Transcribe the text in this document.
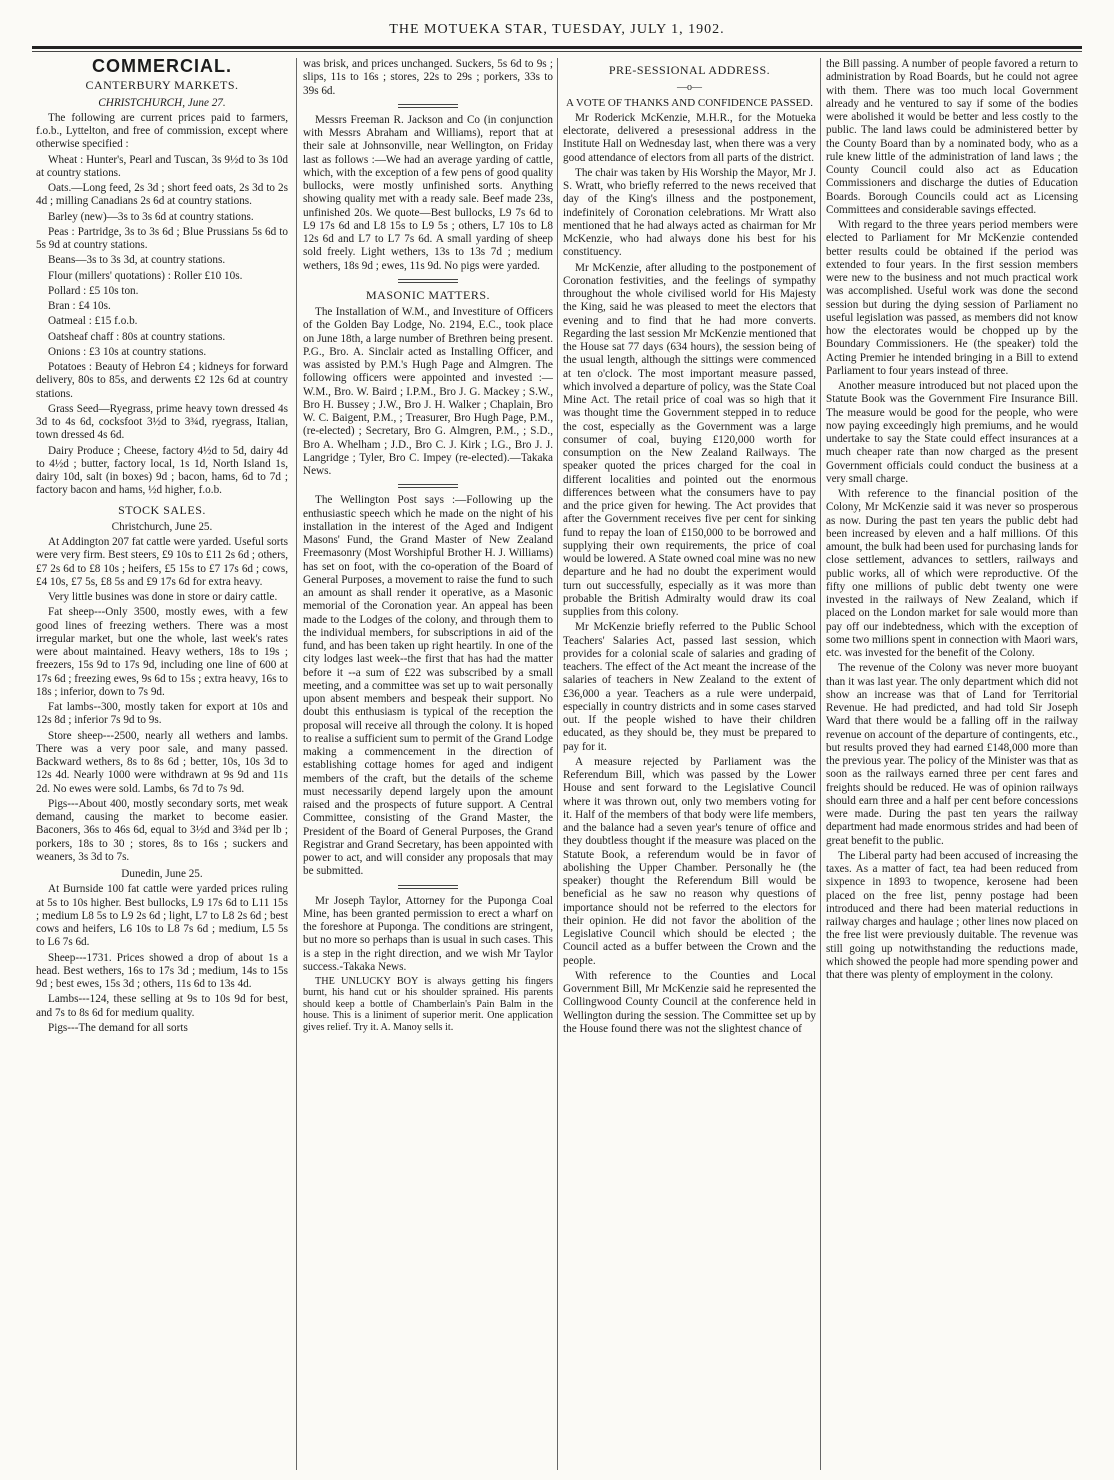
THE MOTUEKA STAR, TUESDAY, JULY 1, 1902.
COMMERCIAL.
CANTERBURY MARKETS.
CHRISTCHURCH, June 27.

The following are current prices paid to farmers, f.o.b., Lyttelton, and free of commission, except where otherwise specified :

Wheat : Hunter's, Pearl and Tuscan, 3s 9½d to 3s 10d at country stations.

Oats.—Long feed, 2s 3d ; short feed oats, 2s 3d to 2s 4d ; milling Canadians 2s 6d at country stations.

Barley (new)—3s to 3s 6d at country stations.

Peas : Partridge, 3s to 3s 6d ; Blue Prussians 5s 6d to 5s 9d at country stations.

Beans—3s to 3s 3d, at country stations.

Flour (millers' quotations) : Roller £10 10s.

Pollard : £5 10s ton.

Bran : £4 10s.

Oatmeal : £15 f.o.b.

Oatsheaf chaff : 80s at country stations.

Onions : £3 10s at country stations.

Potatoes : Beauty of Hebron £4 ; kidneys for forward delivery, 80s to 85s, and derwents £2 12s 6d at country stations.

Grass Seed—Ryegrass, prime heavy town dressed 4s 3d to 4s 6d, cocksfoot 3½d to 3¾d, ryegrass, Italian, town dressed 4s 6d.

Dairy Produce ; Cheese, factory 4½d to 5d, dairy 4d to 4½d ; butter, factory local, 1s 1d, North Island 1s, dairy 10d, salt (in boxes) 9d ; bacon, hams, 6d to 7d ; factory bacon and hams, ½d higher, f.o.b.

STOCK SALES.
Christchurch, June 25.

At Addington 207 fat cattle were yarded. Useful sorts were very firm. Best steers, £9 10s to £11 2s 6d ; others, £7 2s 6d to £8 10s ; heifers, £5 15s to £7 17s 6d ; cows, £4 10s, £7 5s, £8 5s and £9 17s 6d for extra heavy.

Very little busines was done in store or dairy cattle.

Fat sheep---Only 3500, mostly ewes, with a few good lines of freezing wethers. There was a most irregular market, but one the whole, last week's rates were about maintained. Heavy wethers, 18s to 19s ; freezers, 15s 9d to 17s 9d, including one line of 600 at 17s 6d ; freezing ewes, 9s 6d to 15s ; extra heavy, 16s to 18s ; inferior, down to 7s 9d.

Fat lambs--300, mostly taken for export at 10s and 12s 8d ; inferior 7s 9d to 9s.

Store sheep---2500, nearly all wethers and lambs. There was a very poor sale, and many passed. Backward wethers, 8s to 8s 6d ; better, 10s, 10s 3d to 12s 4d. Nearly 1000 were withdrawn at 9s 9d and 11s 2d. No ewes were sold. Lambs, 6s 7d to 7s 9d.

Pigs---About 400, mostly secondary sorts, met weak demand, causing the market to become easier. Baconers, 36s to 46s 6d, equal to 3½d and 3¾d per lb ; porkers, 18s to 30 ; stores, 8s to 16s ; suckers and weaners, 3s 3d to 7s.

Dunedin, June 25.

At Burnside 100 fat cattle were yarded prices ruling at 5s to 10s higher. Best bullocks, L9 17s 6d to L11 15s ; medium L8 5s to L9 2s 6d ; light, L7 to L8 2s 6d ; best cows and heifers, L6 10s to L8 7s 6d ; medium, L5 5s to L6 7s 6d.

Sheep---1731. Prices showed a drop of about 1s a head. Best wethers, 16s to 17s 3d ; medium, 14s to 15s 9d ; best ewes, 15s 3d ; others, 11s 6d to 13s 4d.

Lambs---124, these selling at 9s to 10s 9d for best, and 7s to 8s 6d for medium quality.

Pigs---The demand for all sorts

was brisk, and prices unchanged. Suckers, 5s 6d to 9s ; slips, 11s to 16s ; stores, 22s to 29s ; porkers, 33s to 39s 6d.

Messrs Freeman R. Jackson and Co (in conjunction with Messrs Abraham and Williams), report that at their sale at Johnsonville, near Wellington, on Friday last as follows :—We had an average yarding of cattle, which, with the exception of a few pens of good quality bullocks, were mostly unfinished sorts. Anything showing quality met with a ready sale. Beef made 23s, unfinished 20s. We quote—Best bullocks, L9 7s 6d to L9 17s 6d and L8 15s to L9 5s ; others, L7 10s to L8 12s 6d and L7 to L7 7s 6d. A small yarding of sheep sold freely. Light wethers, 13s to 13s 7d ; medium wethers, 18s 9d ; ewes, 11s 9d. No pigs were yarded.

MASONIC MATTERS.

The Installation of W.M., and Investiture of Officers of the Golden Bay Lodge, No. 2194, E.C., took place on June 18th, a large number of Brethren being present. P.G., Bro. A. Sinclair acted as Installing Officer, and was assisted by P.M.'s Hugh Page and Almgren. The following officers were appointed and invested :—W.M., Bro. W. Baird ; I.P.M., Bro J. G. Mackey ; S.W., Bro H. Bussey ; J.W., Bro J. H. Walker ; Chaplain, Bro W. C. Baigent, P.M., ; Treasurer, Bro Hugh Page, P.M., (re-elected) ; Secretary, Bro G. Almgren, P.M., ; S.D., Bro A. Whelham ; J.D., Bro C. J. Kirk ; I.G., Bro J. J. Langridge ; Tyler, Bro C. Impey (re-elected).—Takaka News.

The Wellington Post says :—Following up the enthusiastic speech which he made on the night of his installation in the interest of the Aged and Indigent Masons' Fund, the Grand Master of New Zealand Freemasonry (Most Worshipful Brother H. J. Williams) has set on foot, with the co-operation of the Board of General Purposes, a movement to raise the fund to such an amount as shall render it operative, as a Masonic memorial of the Coronation year. An appeal has been made to the Lodges of the colony, and through them to the individual members, for subscriptions in aid of the fund, and has been taken up right heartily. In one of the city lodges last week--the first that has had the matter before it --a sum of £22 was subscribed by a small meeting, and a committee was set up to wait personally upon absent members and bespeak their support. No doubt this enthusiasm is typical of the reception the proposal will receive all through the colony. It is hoped to realise a sufficient sum to permit of the Grand Lodge making a commencement in the direction of establishing cottage homes for aged and indigent members of the craft, but the details of the scheme must necessarily depend largely upon the amount raised and the prospects of future support. A Central Committee, consisting of the Grand Master, the President of the Board of General Purposes, the Grand Registrar and Grand Secretary, has been appointed with power to act, and will consider any proposals that may be submitted.

Mr Joseph Taylor, Attorney for the Puponga Coal Mine, has been granted permission to erect a wharf on the foreshore at Puponga. The conditions are stringent, but no more so perhaps than is usual in such cases. This is a step in the right direction, and we wish Mr Taylor success.-Takaka News.

THE UNLUCKY BOY is always getting his fingers burnt, his hand cut or his shoulder sprained. His parents should keep a bottle of Chamberlain's Pain Balm in the house. This is a liniment of superior merit. One application gives relief. Try it. A. Manoy sells it.

PRE-SESSIONAL ADDRESS.
—o—
A VOTE OF THANKS AND CONFIDENCE PASSED.

Mr Roderick McKenzie, M.H.R., for the Motueka electorate, delivered a presessional address in the Institute Hall on Wednesday last, when there was a very good attendance of electors from all parts of the district.

The chair was taken by His Worship the Mayor, Mr J. S. Wratt, who briefly referred to the news received that day of the King's illness and the postponement, indefinitely of Coronation celebrations. Mr Wratt also mentioned that he had always acted as chairman for Mr McKenzie, who had always done his best for his constituency.

Mr McKenzie, after alluding to the postponement of Coronation festivities, and the feelings of sympathy throughout the whole civilised world for His Majesty the King, said he was pleased to meet the electors that evening and to find that he had more converts. Regarding the last session Mr McKenzie mentioned that the House sat 77 days (634 hours), the session being of the usual length, although the sittings were commenced at ten o'clock. The most important measure passed, which involved a departure of policy, was the State Coal Mine Act. The retail price of coal was so high that it was thought time the Government stepped in to reduce the cost, especially as the Government was a large consumer of coal, buying £120,000 worth for consumption on the New Zealand Railways. The speaker quoted the prices charged for the coal in different localities and pointed out the enormous differences between what the consumers have to pay and the price given for hewing. The Act provides that after the Government receives five per cent for sinking fund to repay the loan of £150,000 to be borrowed and supplying their own requirements, the price of coal would be lowered. A State owned coal mine was no new departure and he had no doubt the experiment would turn out successfully, especially as it was more than probable the British Admiralty would draw its coal supplies from this colony.

Mr McKenzie briefly referred to the Public School Teachers' Salaries Act, passed last session, which provides for a colonial scale of salaries and grading of teachers. The effect of the Act meant the increase of the salaries of teachers in New Zealand to the extent of £36,000 a year. Teachers as a rule were underpaid, especially in country districts and in some cases starved out. If the people wished to have their children educated, as they should be, they must be prepared to pay for it.

A measure rejected by Parliament was the Referendum Bill, which was passed by the Lower House and sent forward to the Legislative Council where it was thrown out, only two members voting for it. Half of the members of that body were life members, and the balance had a seven year's tenure of office and they doubtless thought if the measure was placed on the Statute Book, a referendum would be in favor of abolishing the Upper Chamber. Personally he (the speaker) thought the Referendum Bill would be beneficial as he saw no reason why questions of importance should not be referred to the electors for their opinion. He did not favor the abolition of the Legislative Council which should be elected ; the Council acted as a buffer between the Crown and the people.

With reference to the Counties and Local Government Bill, Mr McKenzie said he represented the Collingwood County Council at the conference held in Wellington during the session. The Committee set up by the House found there was not the slightest chance of

the Bill passing. A number of people favored a return to administration by Road Boards, but he could not agree with them. There was too much local Government already and he ventured to say if some of the bodies were abolished it would be better and less costly to the public. The land laws could be administered better by the County Board than by a nominated body, who as a rule knew little of the administration of land laws ; the County Council could also act as Education Commissioners and discharge the duties of Education Boards. Borough Councils could act as Licensing Committees and considerable savings effected.

With regard to the three years period members were elected to Parliament for Mr McKenzie contended better results could be obtained if the period was extended to four years. In the first session members were new to the business and not much practical work was accomplished. Useful work was done the second session but during the dying session of Parliament no useful legislation was passed, as members did not know how the electorates would be chopped up by the Boundary Commissioners. He (the speaker) told the Acting Premier he intended bringing in a Bill to extend Parliament to four years instead of three.

Another measure introduced but not placed upon the Statute Book was the Government Fire Insurance Bill. The measure would be good for the people, who were now paying exceedingly high premiums, and he would undertake to say the State could effect insurances at a much cheaper rate than now charged as the present Government officials could conduct the business at a very small charge.

With reference to the financial position of the Colony, Mr McKenzie said it was never so prosperous as now. During the past ten years the public debt had been increased by eleven and a half millions. Of this amount, the bulk had been used for purchasing lands for close settlement, advances to settlers, railways and public works, all of which were reproductive. Of the fifty one millions of public debt twenty one were invested in the railways of New Zealand, which if placed on the London market for sale would more than pay off our indebtedness, which with the exception of some two millions spent in connection with Maori wars, etc. was invested for the benefit of the Colony.

The revenue of the Colony was never more buoyant than it was last year. The only department which did not show an increase was that of Land for Territorial Revenue. He had predicted, and had told Sir Joseph Ward that there would be a falling off in the railway revenue on account of the departure of contingents, etc., but results proved they had earned £148,000 more than the previous year. The policy of the Minister was that as soon as the railways earned three per cent fares and freights should be reduced. He was of opinion railways should earn three and a half per cent before concessions were made. During the past ten years the railway department had made enormous strides and had been of great benefit to the public.

The Liberal party had been accused of increasing the taxes. As a matter of fact, tea had been reduced from sixpence in 1893 to twopence, kerosene had been placed on the free list, penny postage had been introduced and there had been material reductions in railway charges and haulage ; other lines now placed on the free list were previously duitable. The revenue was still going up notwithstanding the reductions made, which showed the people had more spending power and that there was plenty of employment in the colony.
